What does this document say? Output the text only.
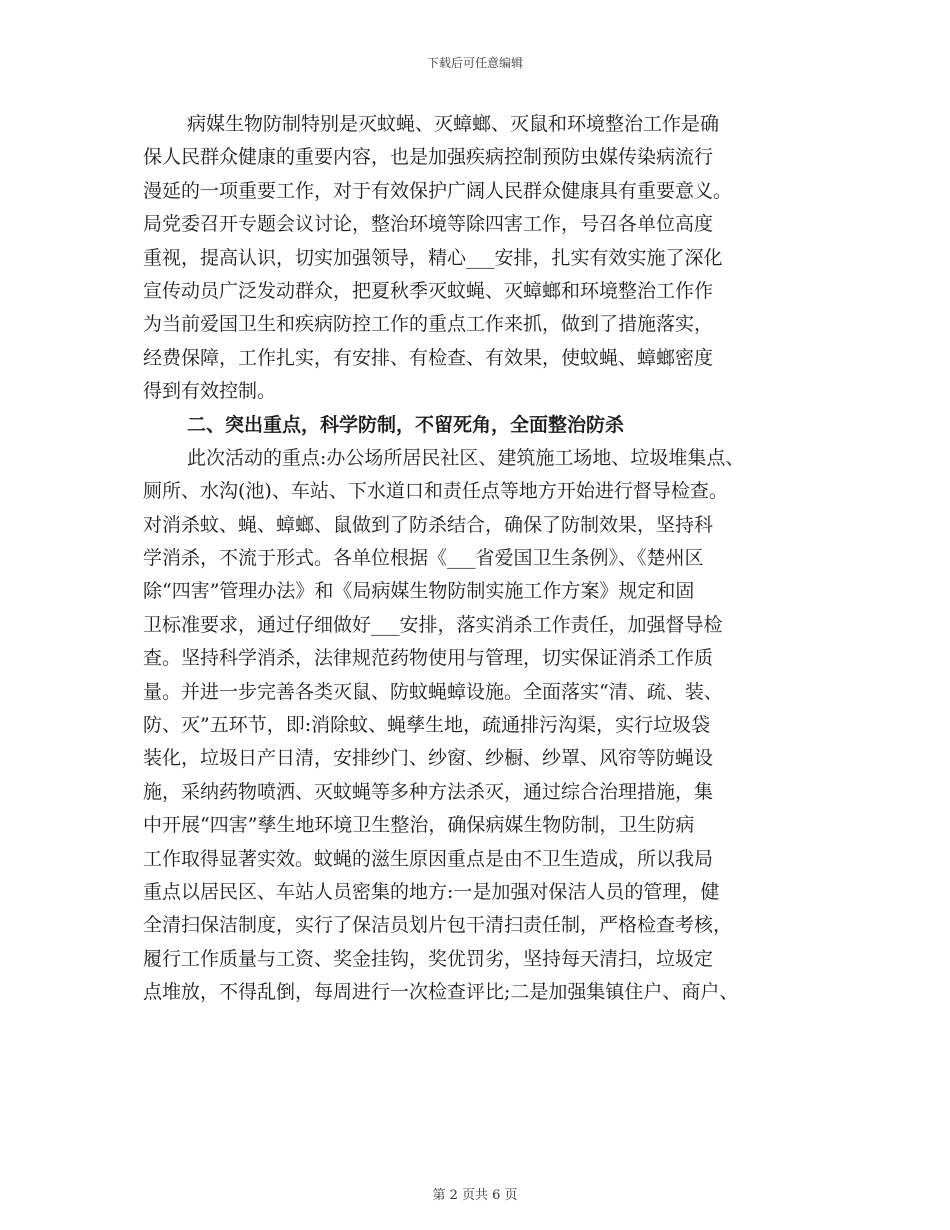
下载后可任意编辑
病媒生物防制特别是灭蚊蝇、灭蟑螂、灭鼠和环境整治工作是确
保人民群众健康的重要内容，也是加强疾病控制预防虫媒传染病流行
漫延的一项重要工作，对于有效保护广阔人民群众健康具有重要意义。
局党委召开专题会议讨论，整治环境等除四害工作，号召各单位高度
重视，提高认识，切实加强领导，精心___安排，扎实有效实施了深化
宣传动员广泛发动群众，把夏秋季灭蚊蝇、灭蟑螂和环境整治工作作
为当前爱国卫生和疾病防控工作的重点工作来抓，做到了措施落实，
经费保障，工作扎实，有安排、有检查、有效果，使蚊蝇、蟑螂密度
得到有效控制。
二、突出重点，科学防制，不留死角，全面整治防杀
此次活动的重点:办公场所居民社区、建筑施工场地、垃圾堆集点、
厕所、水沟(池)、车站、下水道口和责任点等地方开始进行督导检查。
对消杀蚊、蝇、蟑螂、鼠做到了防杀结合，确保了防制效果，坚持科
学消杀，不流于形式。各单位根据《___省爱国卫生条例》、《楚州区
除“四害”管理办法》和《局病媒生物防制实施工作方案》规定和固
卫标准要求，通过仔细做好___安排，落实消杀工作责任，加强督导检
查。坚持科学消杀，法律规范药物使用与管理，切实保证消杀工作质
量。并进一步完善各类灭鼠、防蚊蝇蟑设施。全面落实“清、疏、装、
防、灭”五环节，即:消除蚊、蝇孳生地，疏通排污沟渠，实行垃圾袋
装化，垃圾日产日清，安排纱门、纱窗、纱橱、纱罩、风帘等防蝇设
施，采纳药物喷洒、灭蚊蝇等多种方法杀灭，通过综合治理措施，集
中开展“四害”孳生地环境卫生整治，确保病媒生物防制，卫生防病
工作取得显著实效。蚊蝇的滋生原因重点是由不卫生造成，所以我局
重点以居民区、车站人员密集的地方:一是加强对保洁人员的管理，健
全清扫保洁制度，实行了保洁员划片包干清扫责任制，严格检查考核，
履行工作质量与工资、奖金挂钩，奖优罚劣，坚持每天清扫，垃圾定
点堆放，不得乱倒，每周进行一次检查评比;二是加强集镇住户、商户、
第 2 页共 6 页
